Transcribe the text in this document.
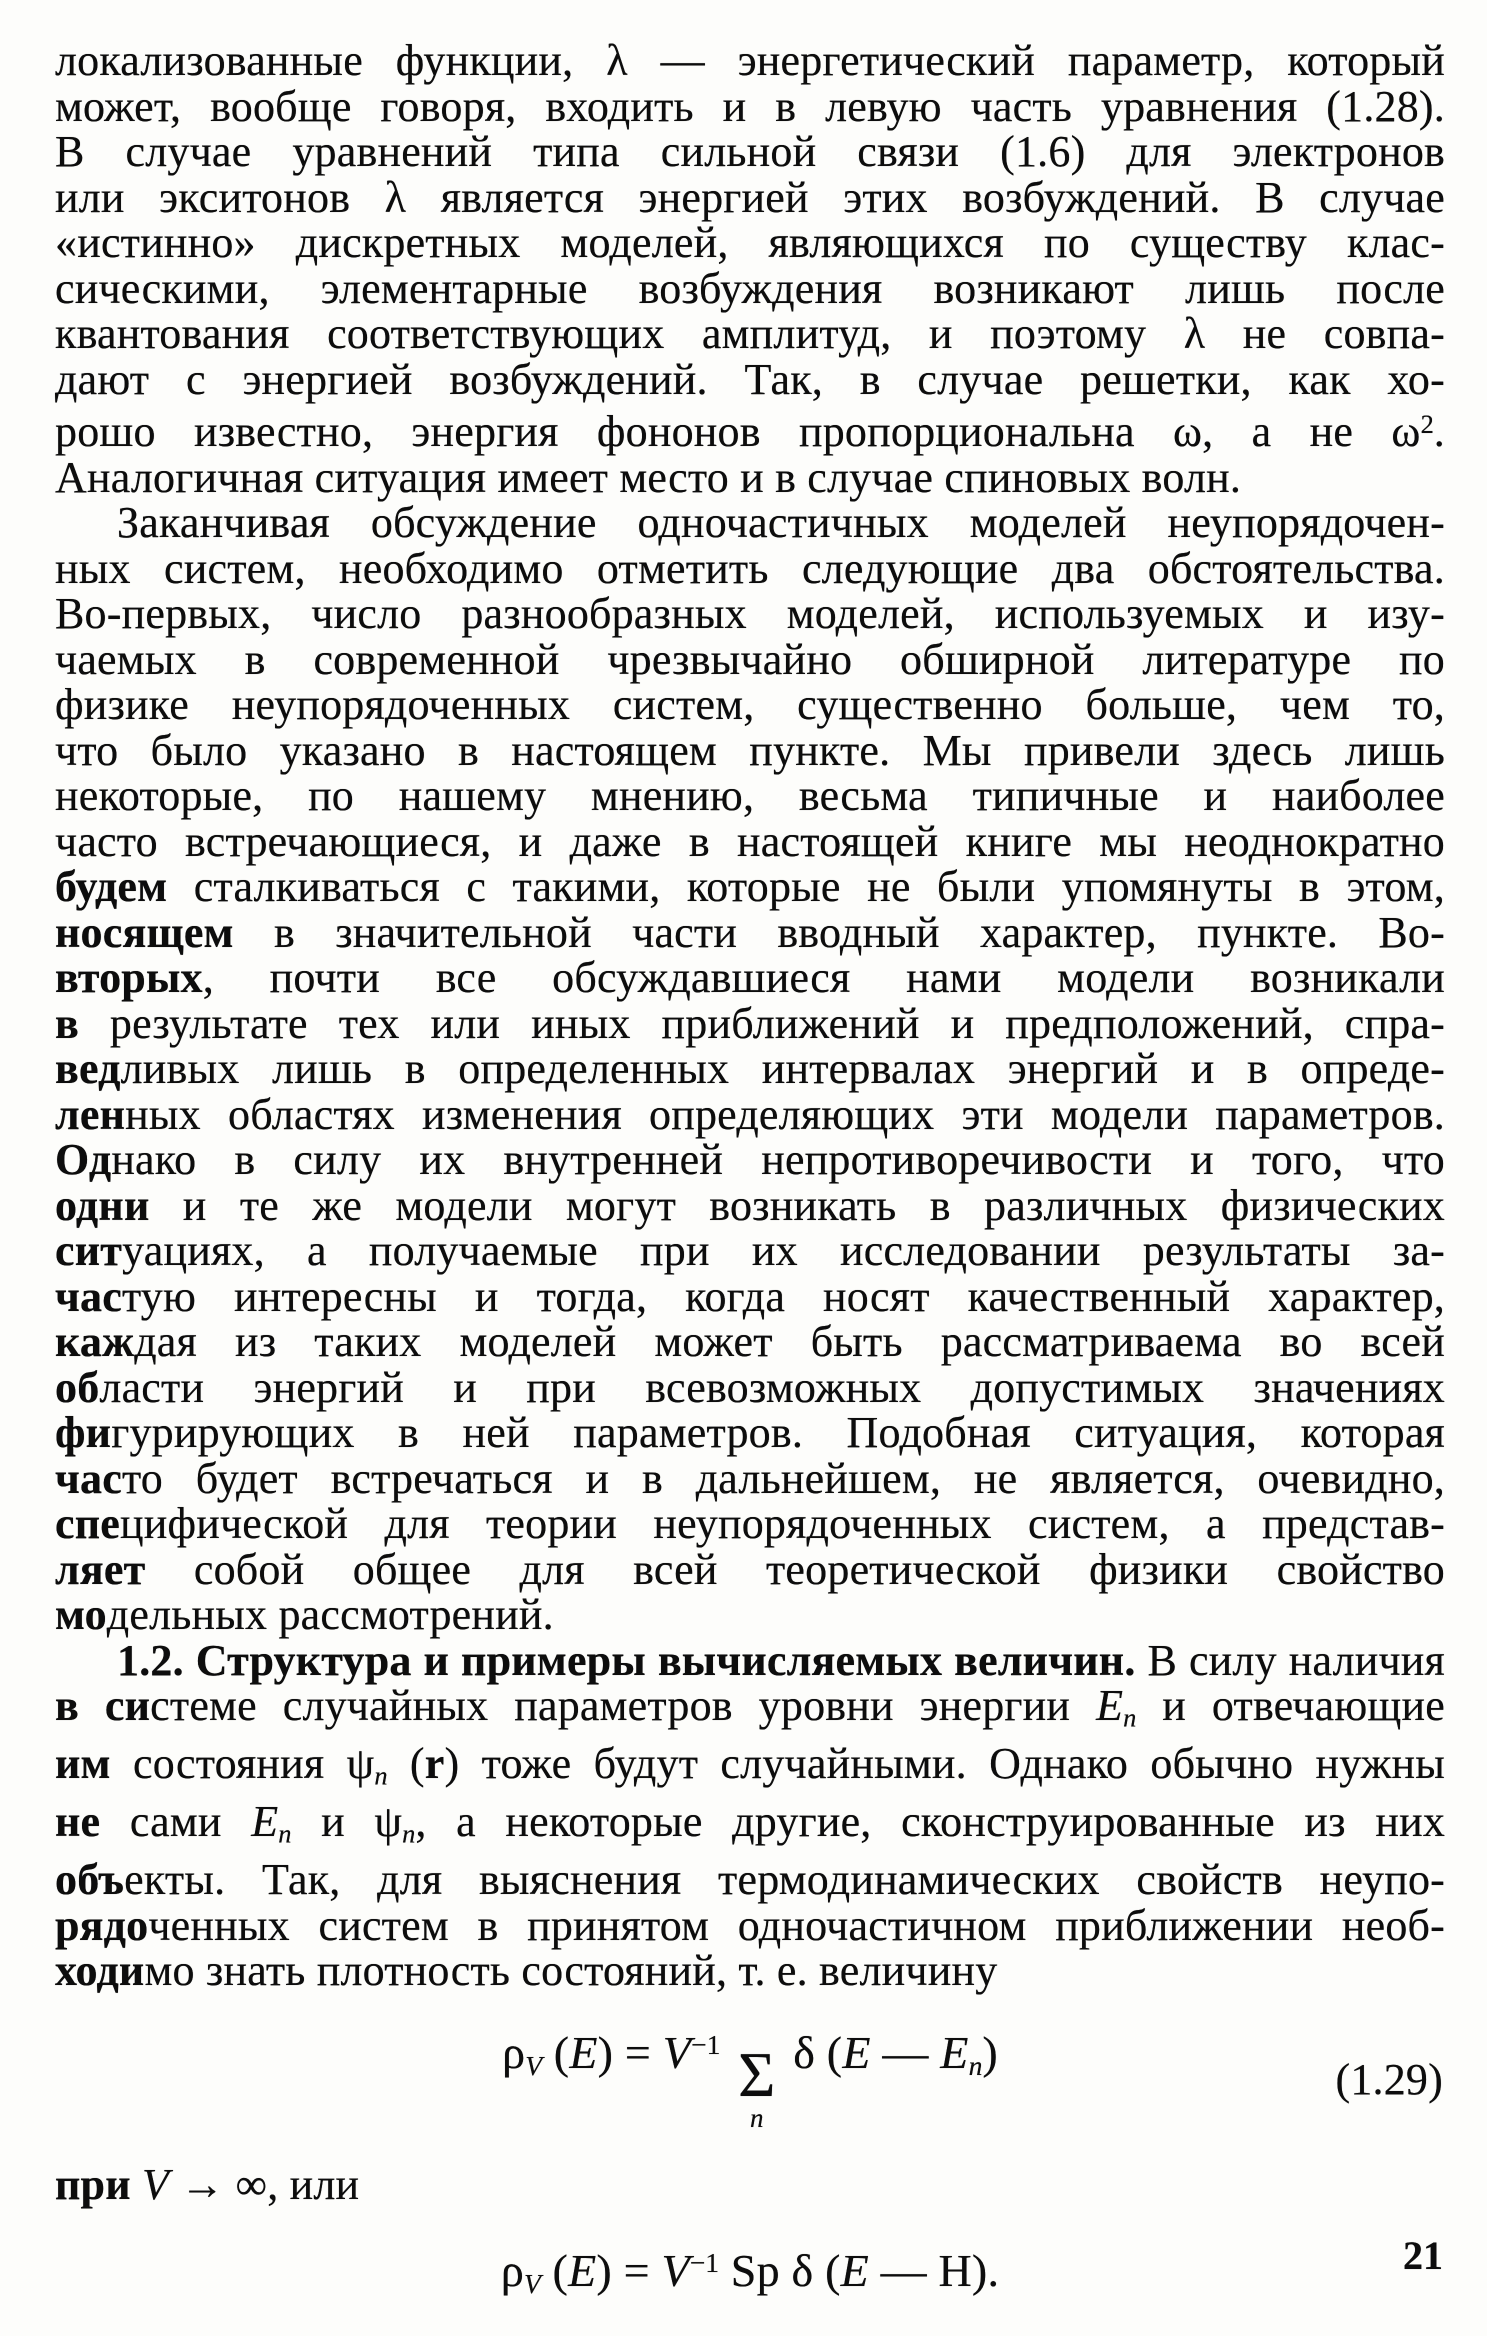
локализованные функции, λ — энергетический параметр, который
может, вообще говоря, входить и в левую часть уравнения (1.28).
В случае уравнений типа сильной связи (1.6) для электронов
или экситонов λ является энергией этих возбуждений. В случае
«истинно» дискретных моделей, являющихся по существу клас-
сическими, элементарные возбуждения возникают лишь после
квантования соответствующих амплитуд, и поэтому λ не совпа-
дают с энергией возбуждений. Так, в случае решетки, как хо-
рошо известно, энергия фононов пропорциональна ω, а не $\omega^2$.
Аналогичная ситуация имеет место и в случае спиновых волн.
Заканчивая обсуждение одночастичных моделей неупорядочен-
ных систем, необходимо отметить следующие два обстоятельства.
Во-первых, число разнообразных моделей, используемых и изу-
чаемых в современной чрезвычайно обширной литературе по
физике неупорядоченных систем, существенно больше, чем то,
что было указано в настоящем пункте. Мы привели здесь лишь
некоторые, по нашему мнению, весьма типичные и наиболее
часто встречающиеся, и даже в настоящей книге мы неоднократно
будем сталкиваться с такими, которые не были упомянуты в этом,
носящем в значительной части вводный характер, пункте. Во-
вторых, почти все обсуждавшиеся нами модели возникали
в результате тех или иных приближений и предположений, спра-
ведливых лишь в определенных интервалах энергий и в опреде-
ленных областях изменения определяющих эти модели параметров.
Однако в силу их внутренней непротиворечивости и того, что
одни и те же модели могут возникать в различных физических
ситуациях, а получаемые при их исследовании результаты за-
частую интересны и тогда, когда носят качественный характер,
каждая из таких моделей может быть рассматриваема во всей
области энергий и при всевозможных допустимых значениях
фигурирующих в ней параметров. Подобная ситуация, которая
часто будет встречаться и в дальнейшем, не является, очевидно,
специфической для теории неупорядоченных систем, а представ-
ляет собой общее для всей теоретической физики свойство
модельных рассмотрений.
1.2. Структура и примеры вычисляемых величин. В силу наличия
в системе случайных параметров уровни энергии $E_n$ и отвечающие
им состояния $\psi_n$ (r) тоже будут случайными. Однако обычно нужны
не сами $E_n$ и $\psi_n$, а некоторые другие, сконструированные из них
объекты. Так, для выяснения термодинамических свойств неупо-
рядоченных систем в принятом одночастичном приближении необ-
ходимо знать плотность состояний, т. е. величину
$\rho_V$ $(E) = V^{-1}$ Σ
n
δ (E — $E_n$)
(1.29)
при V → ∞, или
$\rho_V$ $(E) = V^{-1}$ Sp δ (E — H).	21
